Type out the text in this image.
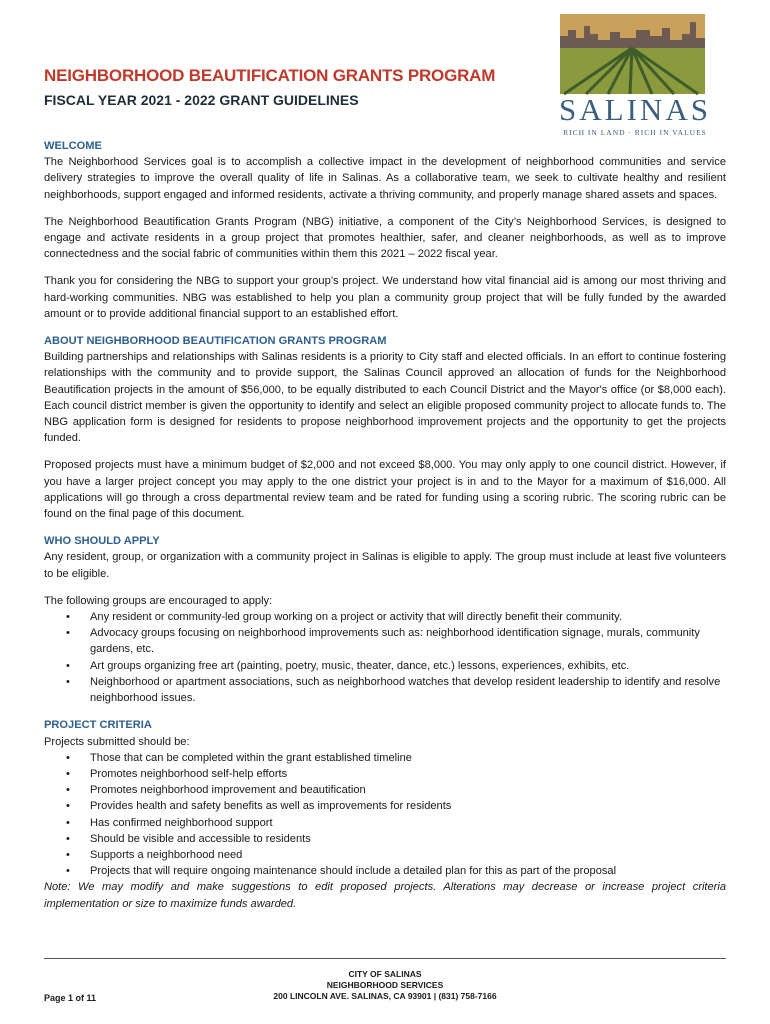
NEIGHBORHOOD BEAUTIFICATION GRANTS PROGRAM
FISCAL YEAR 2021 - 2022 GRANT GUIDELINES	SALINAS
RICH IN LAND · RICH IN VALUES
WELCOME

The Neighborhood Services goal is to accomplish a collective impact in the development of neighborhood communities and service delivery strategies to improve the overall quality of life in Salinas. As a collaborative team, we seek to cultivate healthy and resilient neighborhoods, support engaged and informed residents, activate a thriving community, and properly manage shared assets and spaces.

The Neighborhood Beautification Grants Program (NBG) initiative, a component of the City’s Neighborhood Services, is designed to engage and activate residents in a group project that promotes healthier, safer, and cleaner neighborhoods, as well as to improve connectedness and the social fabric of communities within them this 2021 – 2022 fiscal year.

Thank you for considering the NBG to support your group’s project. We understand how vital financial aid is among our most thriving and hard-working communities. NBG was established to help you plan a community group project that will be fully funded by the awarded amount or to provide additional financial support to an established effort.

ABOUT NEIGHBORHOOD BEAUTIFICATION GRANTS PROGRAM

Building partnerships and relationships with Salinas residents is a priority to City staff and elected officials. In an effort to continue fostering relationships with the community and to provide support, the Salinas Council approved an allocation of funds for the Neighborhood Beautification projects in the amount of $56,000, to be equally distributed to each Council District and the Mayor's office (or $8,000 each). Each council district member is given the opportunity to identify and select an eligible proposed community project to allocate funds to. The NBG application form is designed for residents to propose neighborhood improvement projects and the opportunity to get the projects funded.

Proposed projects must have a minimum budget of $2,000 and not exceed $8,000. You may only apply to one council district. However, if you have a larger project concept you may apply to the one district your project is in and to the Mayor for a maximum of $16,000. All applications will go through a cross departmental review team and be rated for funding using a scoring rubric. The scoring rubric can be found on the final page of this document.

WHO SHOULD APPLY

Any resident, group, or organization with a community project in Salinas is eligible to apply. The group must include at least five volunteers to be eligible.

The following groups are encouraged to apply:

• Any resident or community-led group working on a project or activity that will directly benefit their community.
• Advocacy groups focusing on neighborhood improvements such as: neighborhood identification signage, murals, community gardens, etc.
• Art groups organizing free art (painting, poetry, music, theater, dance, etc.) lessons, experiences, exhibits, etc.
• Neighborhood or apartment associations, such as neighborhood watches that develop resident leadership to identify and resolve neighborhood issues.
PROJECT CRITERIA

Projects submitted should be:

• Those that can be completed within the grant established timeline
• Promotes neighborhood self-help efforts
• Promotes neighborhood improvement and beautification
• Provides health and safety benefits as well as improvements for residents
• Has confirmed neighborhood support
• Should be visible and accessible to residents
• Supports a neighborhood need
• Projects that will require ongoing maintenance should include a detailed plan for this as part of the proposal

Note: We may modify and make suggestions to edit proposed projects. Alterations may decrease or increase project criteria implementation or size to maximize funds awarded.

CITY OF SALINAS
NEIGHBORHOOD SERVICES
200 LINCOLN AVE. SALINAS, CA 93901 | (831) 758-7166
Page 1 of 11
